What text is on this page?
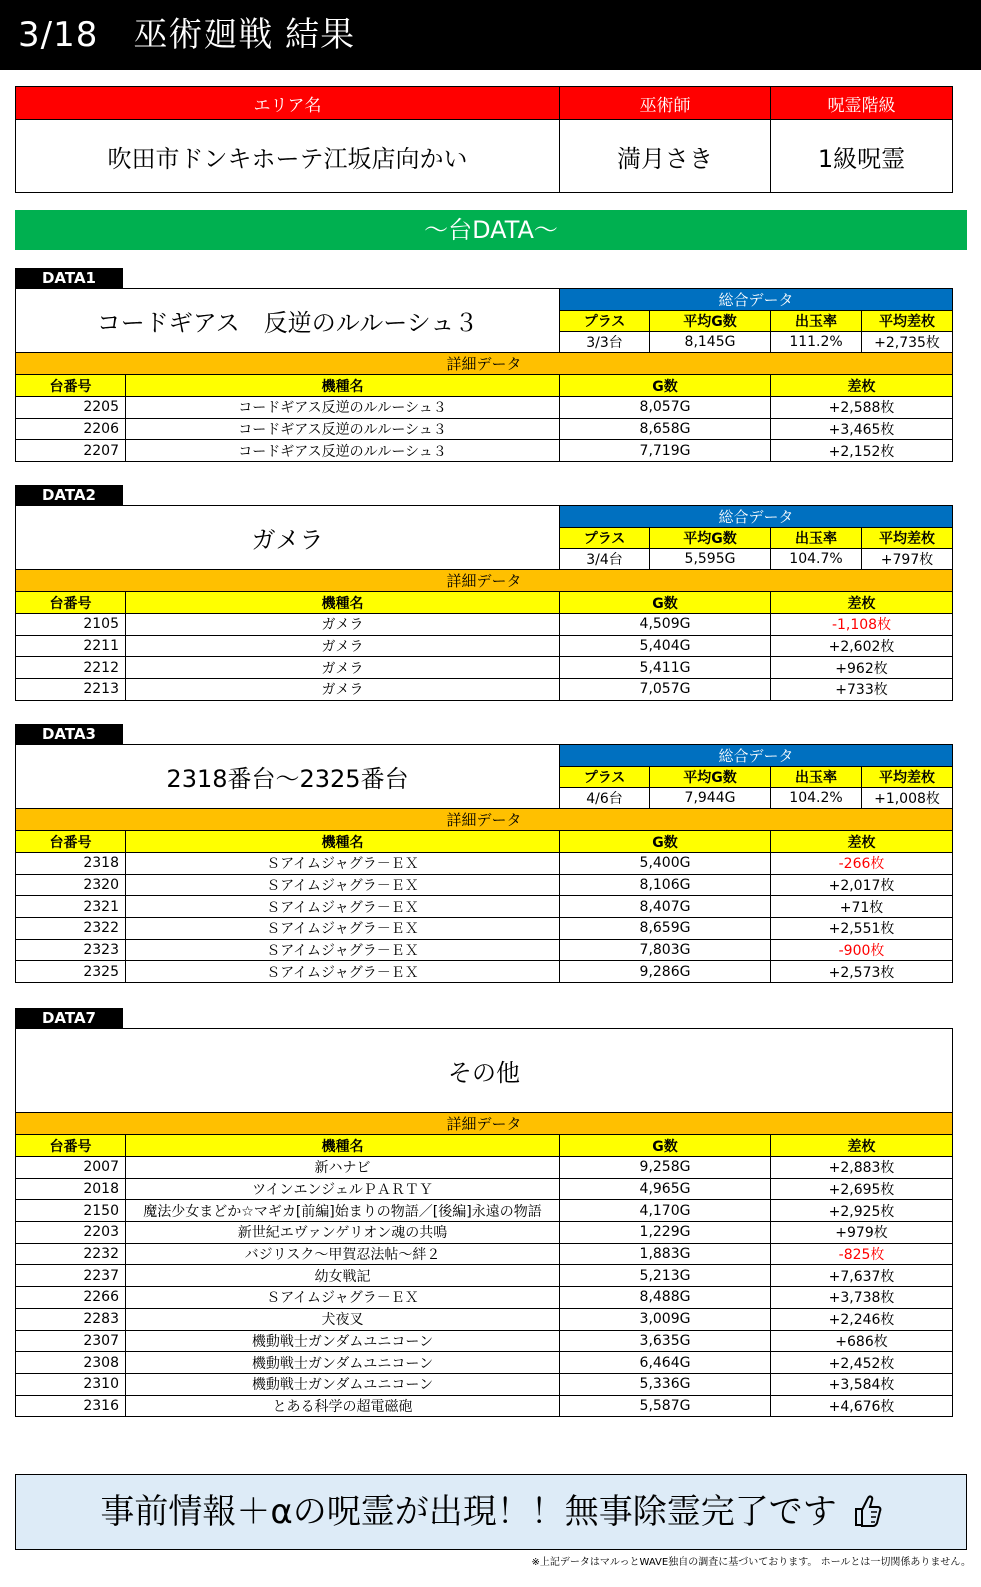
3/18　巫術廻戦 結果
エリア名	巫術師	呪霊階級
吹田市ドンキホーテ江坂店向かい	満月さき	1級呪霊
～台DATA～
DATA1
コードギアス　反逆のルルーシュ３		総合データ			
		プラス	平均G数	出玉率	平均差枚
		3/3台	8,145G	111.2%	+2,735枚
詳細データ					
台番号	機種名	G数		差枚	
2205	コードギアス反逆のルルーシュ３	8,057G		+2,588枚	
2206	コードギアス反逆のルルーシュ３	8,658G		+3,465枚	
2207	コードギアス反逆のルルーシュ３	7,719G		+2,152枚	
DATA2
ガメラ		総合データ			
		プラス	平均G数	出玉率	平均差枚
		3/4台	5,595G	104.7%	+797枚
詳細データ					
台番号	機種名	G数		差枚	
2105	ガメラ	4,509G		-1,108枚	
2211	ガメラ	5,404G		+2,602枚	
2212	ガメラ	5,411G		+962枚	
2213	ガメラ	7,057G		+733枚	
DATA3
2318番台～2325番台		総合データ			
		プラス	平均G数	出玉率	平均差枚
		4/6台	7,944G	104.2%	+1,008枚
詳細データ					
台番号	機種名	G数		差枚	
2318	Ｓアイムジャグラ－ＥＸ	5,400G		-266枚	
2320	Ｓアイムジャグラ－ＥＸ	8,106G		+2,017枚	
2321	Ｓアイムジャグラ－ＥＸ	8,407G		+71枚	
2322	Ｓアイムジャグラ－ＥＸ	8,659G		+2,551枚	
2323	Ｓアイムジャグラ－ＥＸ	7,803G		-900枚	
2325	Ｓアイムジャグラ－ＥＸ	9,286G		+2,573枚	
DATA7
その他			
詳細データ			
台番号	機種名	G数	差枚
2007	新ハナビ	9,258G	+2,883枚
2018	ツインエンジェルＰＡＲＴＹ	4,965G	+2,695枚
2150	魔法少女まどか☆マギカ[前編]始まりの物語／[後編]永遠の物語	4,170G	+2,925枚
2203	新世紀エヴァンゲリオン魂の共鳴	1,229G	+979枚
2232	バジリスク～甲賀忍法帖～絆２	1,883G	-825枚
2237	幼女戦記	5,213G	+7,637枚
2266	Ｓアイムジャグラ－ＥＸ	8,488G	+3,738枚
2283	犬夜叉	3,009G	+2,246枚
2307	機動戦士ガンダムユニコーン	3,635G	+686枚
2308	機動戦士ガンダムユニコーン	6,464G	+2,452枚
2310	機動戦士ガンダムユニコーン	5,336G	+3,584枚
2316	とある科学の超電磁砲	5,587G	+4,676枚
事前情報＋αの呪霊が出現！！無事除霊完了です
※上記データはマルっとWAVE独自の調査に基づいております。 ホールとは一切関係ありません。
